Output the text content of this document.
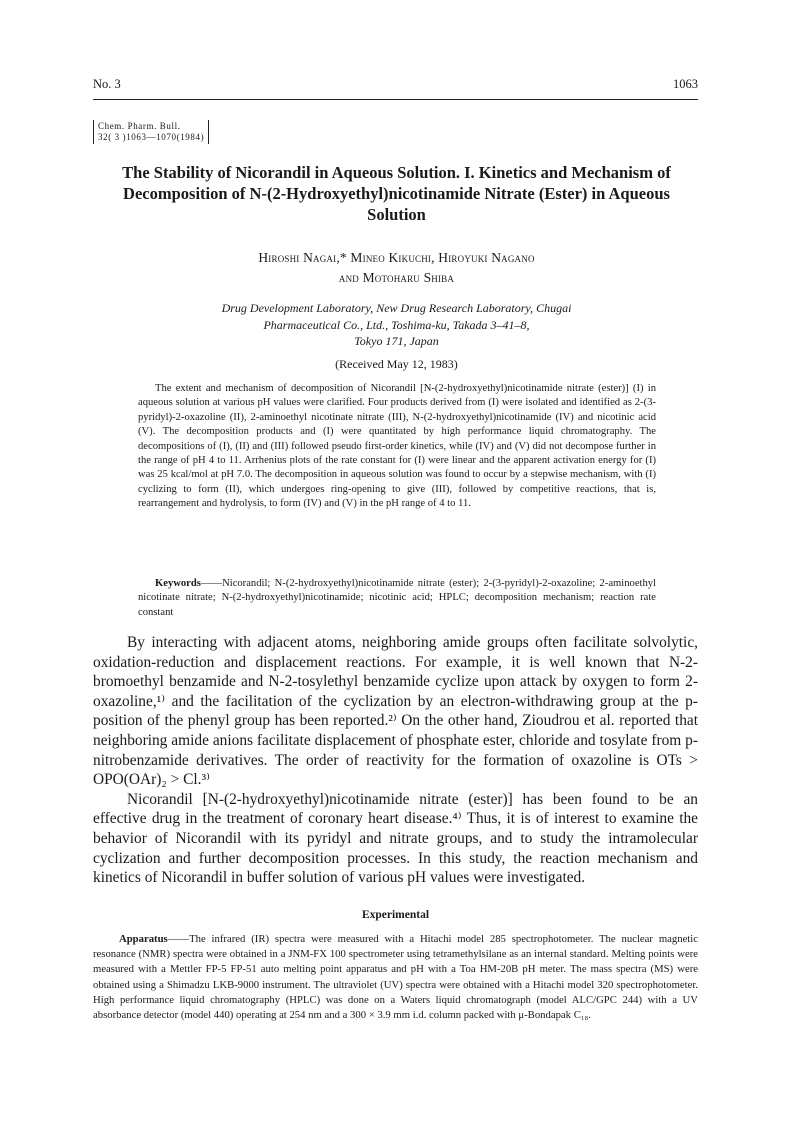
No. 3	1063
Chem. Pharm. Bull.
32( 3 )1063—1070(1984)
The Stability of Nicorandil in Aqueous Solution. I. Kinetics and Mechanism of Decomposition of N-(2-Hydroxyethyl)nicotinamide Nitrate (Ester) in Aqueous Solution
Hiroshi Nagai,* Mineo Kikuchi, Hiroyuki Nagano
and Motoharu Shiba
Drug Development Laboratory, New Drug Research Laboratory, Chugai
Pharmaceutical Co., Ltd., Toshima-ku, Takada 3–41–8,
Tokyo 171, Japan

(Received May 12, 1983)

The extent and mechanism of decomposition of Nicorandil [N-(2-hydroxyethyl)nicotinamide nitrate (ester)] (I) in aqueous solution at various pH values were clarified. Four products derived from (I) were isolated and identified as 2-(3-pyridyl)-2-oxazoline (II), 2-aminoethyl nicotinate nitrate (III), N-(2-hydroxyethyl)nicotinamide (IV) and nicotinic acid (V). The decomposition products and (I) were quantitated by high performance liquid chromatography. The decompositions of (I), (II) and (III) followed pseudo first-order kinetics, while (IV) and (V) did not decompose further in the range of pH 4 to 11. Arrhenius plots of the rate constant for (I) were linear and the apparent activation energy for (I) was 25 kcal/mol at pH 7.0. The decomposition in aqueous solution was found to occur by a stepwise mechanism, with (I) cyclizing to form (II), which undergoes ring-opening to give (III), followed by competitive reactions, that is, rearrangement and hydrolysis, to form (IV) and (V) in the pH range of 4 to 11.

Keywords——Nicorandil; N-(2-hydroxyethyl)nicotinamide nitrate (ester); 2-(3-pyridyl)-2-oxazoline; 2-aminoethyl nicotinate nitrate; N-(2-hydroxyethyl)nicotinamide; nicotinic acid; HPLC; decomposition mechanism; reaction rate constant

By interacting with adjacent atoms, neighboring amide groups often facilitate solvolytic, oxidation-reduction and displacement reactions. For example, it is well known that N-2-bromoethyl benzamide and N-2-tosylethyl benzamide cyclize upon attack by oxygen to form 2-oxazoline,¹⁾ and the facilitation of the cyclization by an electron-withdrawing group at the p-position of the phenyl group has been reported.²⁾ On the other hand, Zioudrou et al. reported that neighboring amide anions facilitate displacement of phosphate ester, chloride and tosylate from p-nitrobenzamide derivatives. The order of reactivity for the formation of oxazoline is OTs > OPO(OAr)₂ > Cl.³⁾

Nicorandil [N-(2-hydroxyethyl)nicotinamide nitrate (ester)] has been found to be an effective drug in the treatment of coronary heart disease.⁴⁾ Thus, it is of interest to examine the behavior of Nicorandil with its pyridyl and nitrate groups, and to study the intramolecular cyclization and further decomposition processes. In this study, the reaction mechanism and kinetics of Nicorandil in buffer solution of various pH values were investigated.

Experimental

Apparatus——The infrared (IR) spectra were measured with a Hitachi model 285 spectrophotometer. The nuclear magnetic resonance (NMR) spectra were obtained in a JNM-FX 100 spectrometer using tetramethylsilane as an internal standard. Melting points were measured with a Mettler FP-5 FP-51 auto melting point apparatus and pH with a Toa HM-20B pH meter. The mass spectra (MS) were obtained using a Shimadzu LKB-9000 instrument. The ultraviolet (UV) spectra were obtained with a Hitachi model 320 spectrophotometer. High performance liquid chromatography (HPLC) was done on a Waters liquid chromatograph (model ALC/GPC 244) with a UV absorbance detector (model 440) operating at 254 nm and a 300 × 3.9 mm i.d. column packed with μ-Bondapak C₁₈.
